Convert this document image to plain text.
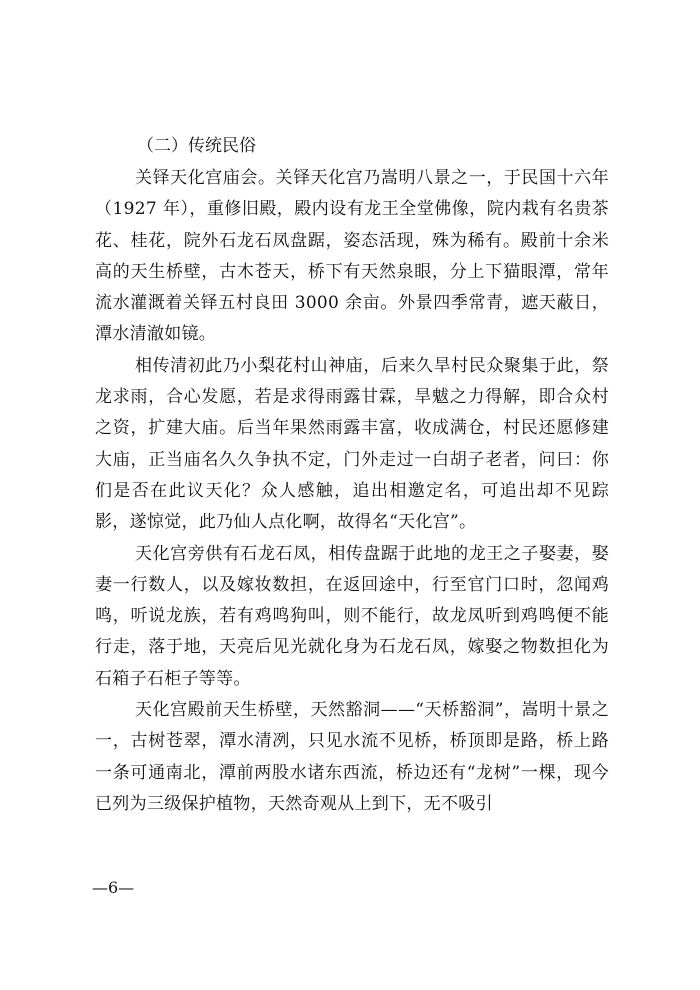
（二）传统民俗

关铎天化宫庙会。关铎天化宫乃嵩明八景之一，于民国十六年（1927 年），重修旧殿，殿内设有龙王全堂佛像，院内栽有名贵茶花、桂花，院外石龙石凤盘踞，姿态活现，殊为稀有。殿前十余米高的天生桥壁，古木苍天，桥下有天然泉眼，分上下猫眼潭，常年流水灌溉着关铎五村良田 3000 余亩。外景四季常青，遮天蔽日，潭水清澈如镜。

相传清初此乃小梨花村山神庙，后来久旱村民众聚集于此，祭龙求雨，合心发愿，若是求得雨露甘霖，旱魃之力得解，即合众村之资，扩建大庙。后当年果然雨露丰富，收成满仓，村民还愿修建大庙，正当庙名久久争执不定，门外走过一白胡子老者，问曰：你们是否在此议天化？众人感触，追出相邀定名，可追出却不见踪影，遂惊觉，此乃仙人点化啊，故得名“天化宫”。

天化宫旁供有石龙石凤，相传盘踞于此地的龙王之子娶妻，娶妻一行数人，以及嫁妆数担，在返回途中，行至官门口时，忽闻鸡鸣，听说龙族，若有鸡鸣狗叫，则不能行，故龙凤听到鸡鸣便不能行走，落于地，天亮后见光就化身为石龙石凤，嫁娶之物数担化为石箱子石柜子等等。

天化宫殿前天生桥壁，天然豁洞——“天桥豁洞”，嵩明十景之一，古树苍翠，潭水清冽，只见水流不见桥，桥顶即是路，桥上路一条可通南北，潭前两股水诸东西流，桥边还有“龙树”一棵，现今已列为三级保护植物，天然奇观从上到下，无不吸引

—6—
